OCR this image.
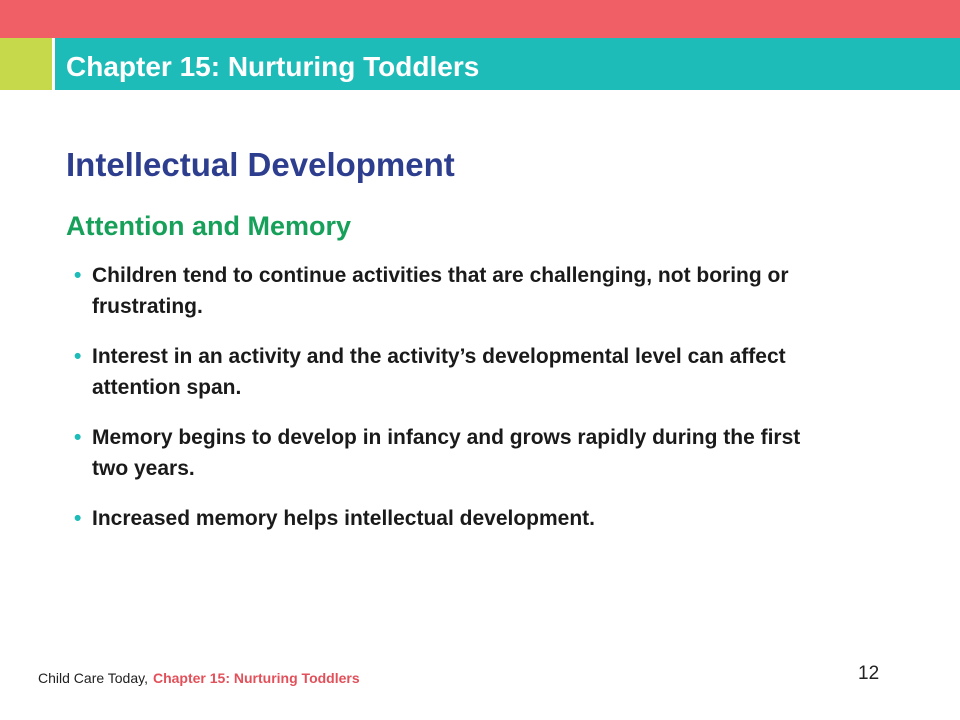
Chapter 15: Nurturing Toddlers
Intellectual Development
Attention and Memory
• Children tend to continue activities that are challenging, not boring or frustrating.
• Interest in an activity and the activity’s developmental level can affect attention span.
• Memory begins to develop in infancy and grows rapidly during the first two years.
• Increased memory helps intellectual development.
Child Care Today, Chapter 15: Nurturing Toddlers	12
